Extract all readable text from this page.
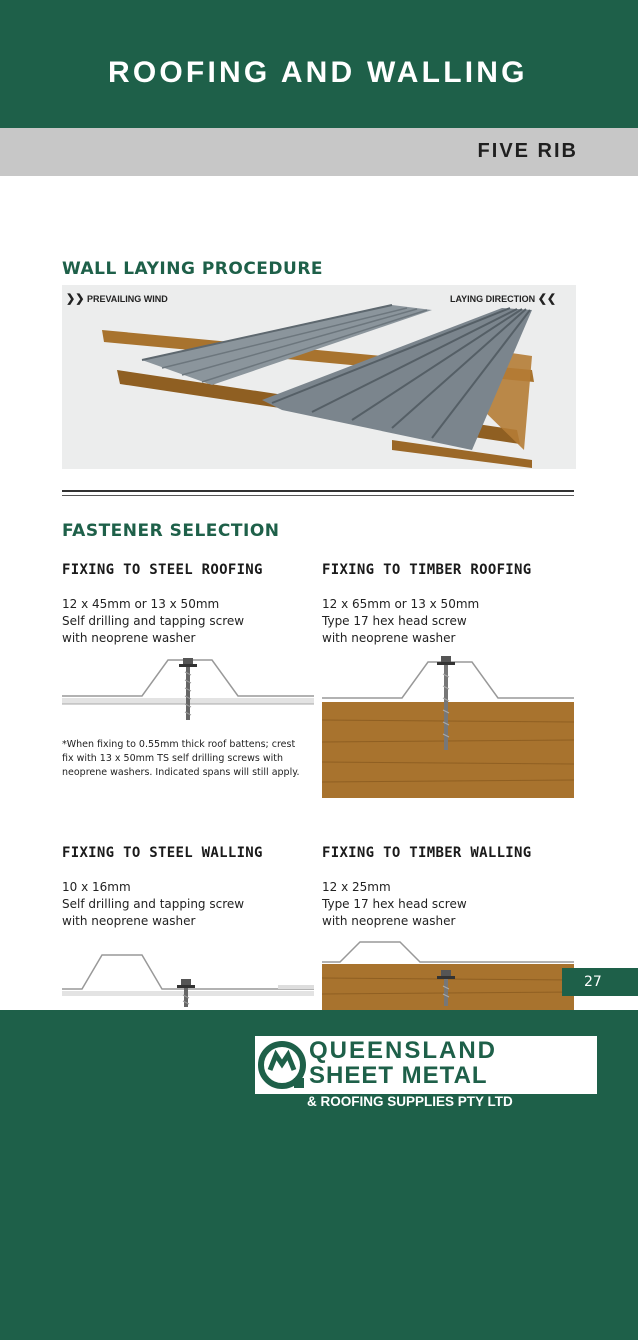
ROOFING AND WALLING
FIVE RIB
WALL LAYING PROCEDURE
❯❯ PREVAILING WIND	LAYING DIRECTION ❮❮
FASTENER SELECTION
FIXING TO STEEL ROOFING
12 x 45mm or 13 x 50mm
Self drilling and tapping screw
with neoprene washer
*When fixing to 0.55mm thick roof battens; crest
fix with 13 x 50mm TS self drilling screws with
neoprene washers. Indicated spans will still apply.
FIXING TO TIMBER ROOFING
12 x 65mm or 13 x 50mm
Type 17 hex head screw
with neoprene washer
FIXING TO STEEL WALLING
10 x 16mm
Self drilling and tapping screw
with neoprene washer
FIXING TO TIMBER WALLING
12 x 25mm
Type 17 hex head screw
with neoprene washer
27
QUEENSLAND
SHEET METAL
& ROOFING SUPPLIES PTY LTD
